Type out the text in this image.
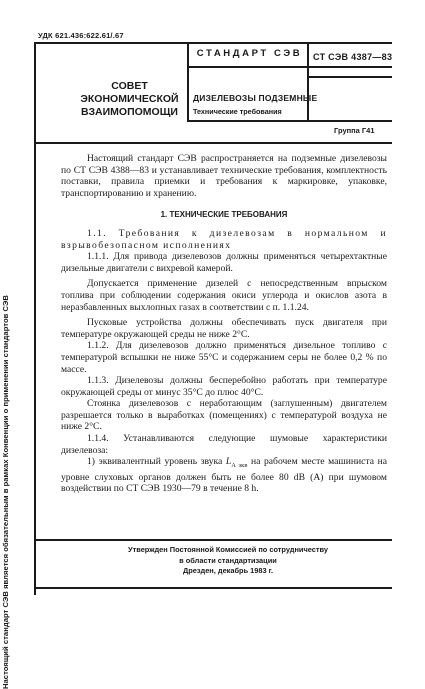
УДК 621.436:622.61/.67
Настоящий стандарт СЭВ является обязательным в рамках Конвенции о применении стандартов СЭВ
СОВЕТ
ЭКОНОМИЧЕСКОЙ
ВЗАИМОПОМОЩИ
СТАНДАРТ СЭВ	СТ СЭВ 4387—83
ДИЗЕЛЕВОЗЫ ПОДЗЕМНЫЕ
Технические требования
Группа Г41

Настоящий стандарт СЭВ распространяется на подземные дизелевозы по СТ СЭВ 4388—83 и устанавливает технические требования, комплектность поставки, правила приемки и требования к маркировке, упаковке, транспортированию и хранению.

1. ТЕХНИЧЕСКИЕ ТРЕБОВАНИЯ

1.1. Требования к дизелевозам в нормальном и взрывобезопасном исполнениях

1.1.1. Для привода дизелевозов должны применяться четырехтактные дизельные двигатели с вихревой камерой.

Допускается применение дизелей с непосредственным впрыском топлива при соблюдении содержания окиси углерода и окислов азота в неразбавленных выхлопных газах в соответствии с п. 1.1.24.

Пусковые устройства должны обеспечивать пуск двигателя при температуре окружающей среды не ниже 2°С.

1.1.2. Для дизелевозов должно применяться дизельное топливо с температурой вспышки не ниже 55°С и содержанием серы не более 0,2 % по массе.

1.1.3. Дизелевозы должны бесперебойно работать при температуре окружающей среды от минус 35°С до плюс 40°С.

Стоянка дизелевозов с неработающим (заглушенным) двигателем разрешается только в выработках (помещениях) с температурой воздуха не ниже 2°С.

1.1.4. Устанавливаются следующие шумовые характеристики дизелевоза:

1) эквивалентный уровень звука $L_{A экв}$ на рабочем месте машиниста на уровне слуховых органов должен быть не более 80 dB (A) при шумовом воздействии по СТ СЭВ 1930—79 в течение 8 h.

Утвержден Постоянной Комиссией по сотрудничеству
в области стандартизации
Дрезден, декабрь 1983 г.
